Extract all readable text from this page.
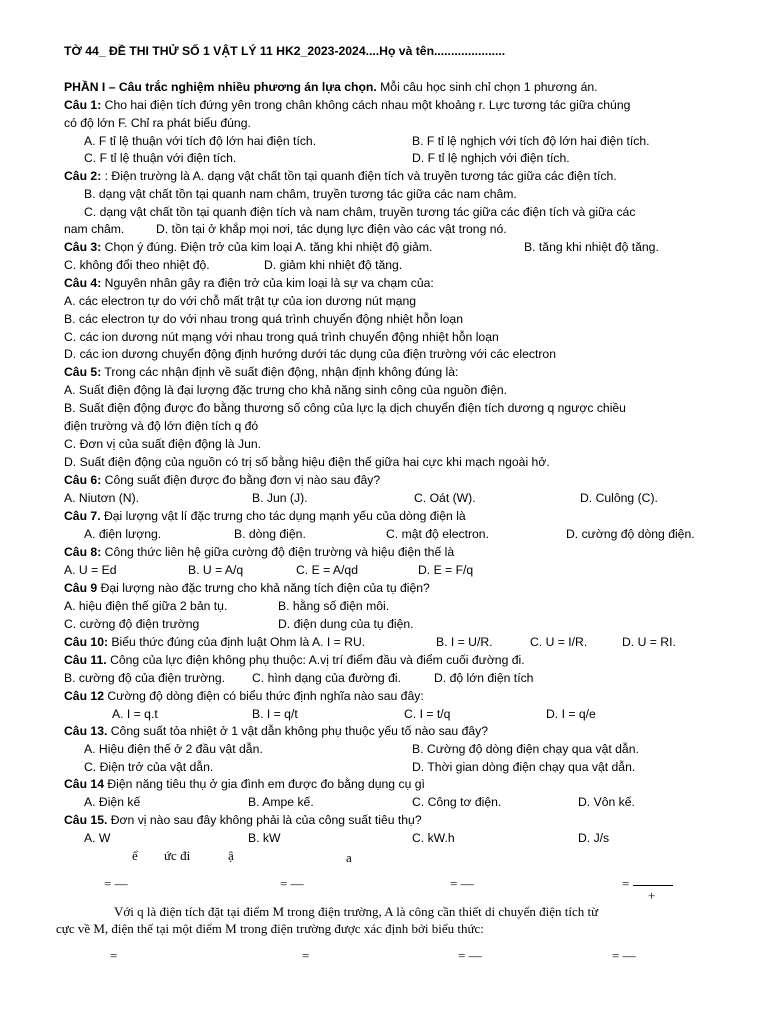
TỜ 44_ ĐỀ THI THỬ SỐ 1 VẬT LÝ 11 HK2_2023-2024....Họ và tên.....................
PHẦN I – Câu trắc nghiệm nhiều phương án lựa chọn. Mỗi câu học sinh chỉ chọn 1 phương án.
Câu 1: Cho hai điện tích đứng yên trong chân không cách nhau một khoảng r. Lực tương tác giữa chúng
có độ lớn F. Chỉ ra phát biểu đúng.
A. F tỉ lệ thuận với tích độ lớn hai điện tích.	B. F tỉ lệ nghịch với tích độ lớn hai điện tích.
C. F tỉ lệ thuận với điện tích.	D. F tỉ lệ nghịch với điện tích.
Câu 2: : Điện trường là A. dạng vật chất tồn tại quanh điện tích và truyền tương tác giữa các điện tích.
B. dạng vật chất tồn tại quanh nam châm, truyền tương tác giữa các nam châm.
C. dạng vật chất tồn tại quanh điện tích và nam châm, truyền tương tác giữa các điện tích và giữa các
nam châm.	D. tồn tại ở khắp mọi nơi, tác dụng lực điện vào các vật trong nó.
Câu 3: Chọn ý đúng. Điện trở của kim loại A. tăng khi nhiệt độ giảm.	B. tăng khi nhiệt độ tăng.
C. không đổi theo nhiệt độ.	D. giảm khi nhiệt độ tăng.
Câu 4: Nguyên nhân gây ra điện trở của kim loại là sự va chạm của:
A. các electron tự do với chỗ mất trật tự của ion dương nút mạng
B. các electron tự do với nhau trong quá trình chuyển động nhiệt hỗn loạn
C. các ion dương nút mạng với nhau trong quá trình chuyển động nhiệt hỗn loạn
D. các ion dương chuyển động định hướng dưới tác dụng của điện trường với các electron
Câu 5: Trong các nhận định về suất điện động, nhận định không đúng là:
A. Suất điện động là đại lượng đặc trưng cho khả năng sinh công của nguồn điện.
B. Suất điện động được đo bằng thương số công của lực lạ dịch chuyển điện tích dương q ngược chiều
điện trường và độ lớn điện tích q đó
C. Đơn vị của suất điện động là Jun.
D. Suất điện động của nguồn có trị số bằng hiệu điện thế giữa hai cực khi mạch ngoài hở.
Câu 6: Công suất điện được đo bằng đơn vị nào sau đây?
A. Niutơn (N).	B. Jun (J).	C. Oát (W).	D. Culông (C).
Câu 7. Đại lượng vật lí đặc trưng cho tác dụng mạnh yếu của dòng điện là
A. điện lượng.	B. dòng điện.	C. mật độ electron.	D. cường độ dòng điện.
Câu 8: Công thức liên hệ giữa cường độ điện trường và hiệu điện thế là
A. U = Ed	B. U = A/q	C. E = A/qd	D. E = F/q
Câu 9 Đại lượng nào đặc trưng cho khả năng tích điện của tụ điện?
A. hiệu điện thế giữa 2 bản tụ.	B. hằng số điện môi.
C. cường độ điện trường	D. điện dung của tụ điện.
Câu 10: Biểu thức đúng của định luật Ohm là A. I = RU.	B. I = U/R.	C. U = I/R.	D. U = RI.
Câu 11. Công của lực điện không phụ thuộc: A.vị trí điểm đầu và điểm cuối đường đi.
B. cường độ của điện trường. C. hình dạng của đường đi.	D. độ lớn điện tích
Câu 12 Cường độ dòng điện có biểu thức định nghĩa nào sau đây:
A. I = q.t	B. I = q/t	C. I = t/q	D. I = q/e
Câu 13. Công suất tỏa nhiệt ở 1 vật dẫn không phụ thuộc yếu tố nào sau đây?
A. Hiệu điện thế ở 2 đầu vật dẫn.	B. Cường độ dòng điện chạy qua vật dẫn.
C. Điện trở của vật dẫn.	D. Thời gian dòng điện chạy qua vật dẫn.
Câu 14 Điện năng tiêu thụ ở gia đình em được đo bằng dụng cụ gì
A. Điện kế	B. Ampe kế.	C. Công tơ điện.	D. Vôn kế.
Câu 15. Đơn vị nào sau đây không phải là của công suất tiêu thụ?
A. W	B. kW	C. kW.h	D. J/s
ể ức đi	ậ	a
= —	= —	= —	=
+
Với q là điện tích đặt tại điểm M trong điện trường, A là công cần thiết di chuyển điện tích từ
cực về M, điện thế tại một điểm M trong điện trường được xác định bởi biểu thức:
=	=	= —	= —
